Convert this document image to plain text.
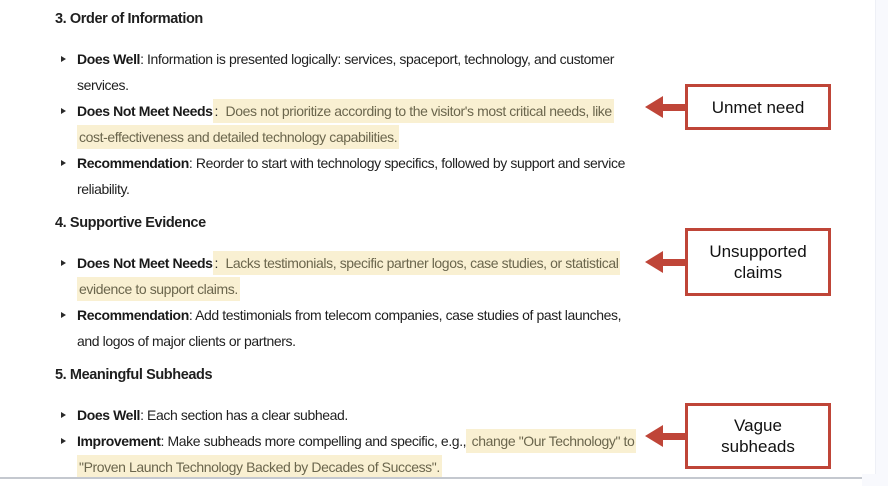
3. Order of Information
Does Well: Information is presented logically: services, spaceport, technology, and customer
services.
Does Not Meet Needs : Does not prioritize according to the visitor's most critical needs, like
cost-effectiveness and detailed technology capabilities.
Recommendation: Reorder to start with technology specifics, followed by support and service
reliability.
4. Supportive Evidence
Does Not Meet Needs : Lacks testimonials, specific partner logos, case studies, or statistical
evidence to support claims.
Recommendation: Add testimonials from telecom companies, case studies of past launches,
and logos of major clients or partners.
5. Meaningful Subheads
Does Well: Each section has a clear subhead.
Improvement: Make subheads more compelling and specific, e.g., change "Our Technology" to
"Proven Launch Technology Backed by Decades of Success".
Unmet need
Unsupported
claims
Vague
subheads
